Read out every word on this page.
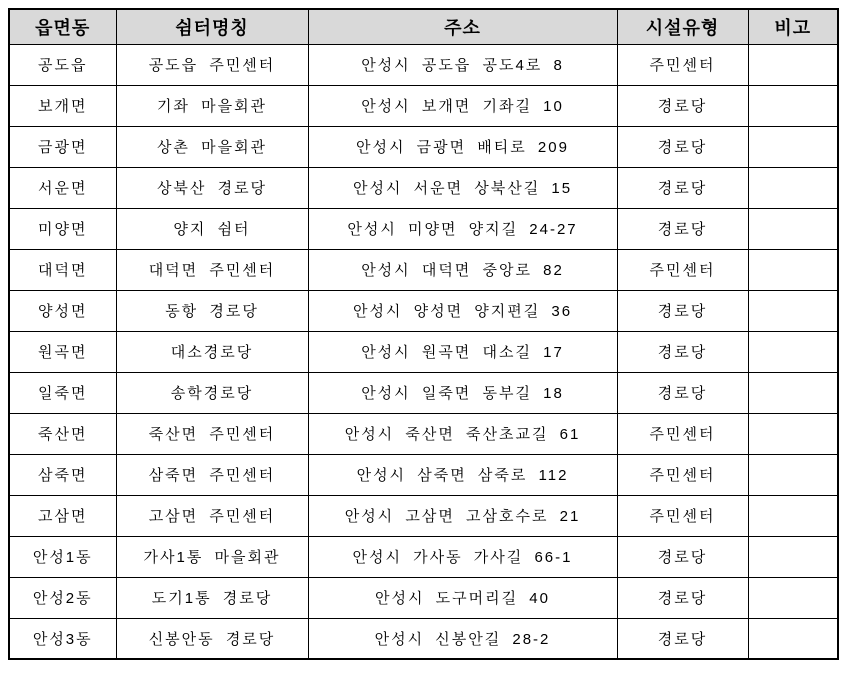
읍면동	쉼터명칭	주소	시설유형	비고
공도읍	공도읍 주민센터	안성시 공도읍 공도4로 8	주민센터	
보개면	기좌 마을회관	안성시 보개면 기좌길 10	경로당	
금광면	상촌 마을회관	안성시 금광면 배티로 209	경로당	
서운면	상북산 경로당	안성시 서운면 상북산길 15	경로당	
미양면	양지 쉼터	안성시 미양면 양지길 24-27	경로당	
대덕면	대덕면 주민센터	안성시 대덕면 중앙로 82	주민센터	
양성면	동항 경로당	안성시 양성면 양지편길 36	경로당	
원곡면	대소경로당	안성시 원곡면 대소길 17	경로당	
일죽면	송학경로당	안성시 일죽면 동부길 18	경로당	
죽산면	죽산면 주민센터	안성시 죽산면 죽산초교길 61	주민센터	
삼죽면	삼죽면 주민센터	안성시 삼죽면 삼죽로 112	주민센터	
고삼면	고삼면 주민센터	안성시 고삼면 고삼호수로 21	주민센터	
안성1동	가사1통 마을회관	안성시 가사동 가사길 66-1	경로당	
안성2동	도기1통 경로당	안성시 도구머리길 40	경로당	
안성3동	신봉안동 경로당	안성시 신봉안길 28-2	경로당	
